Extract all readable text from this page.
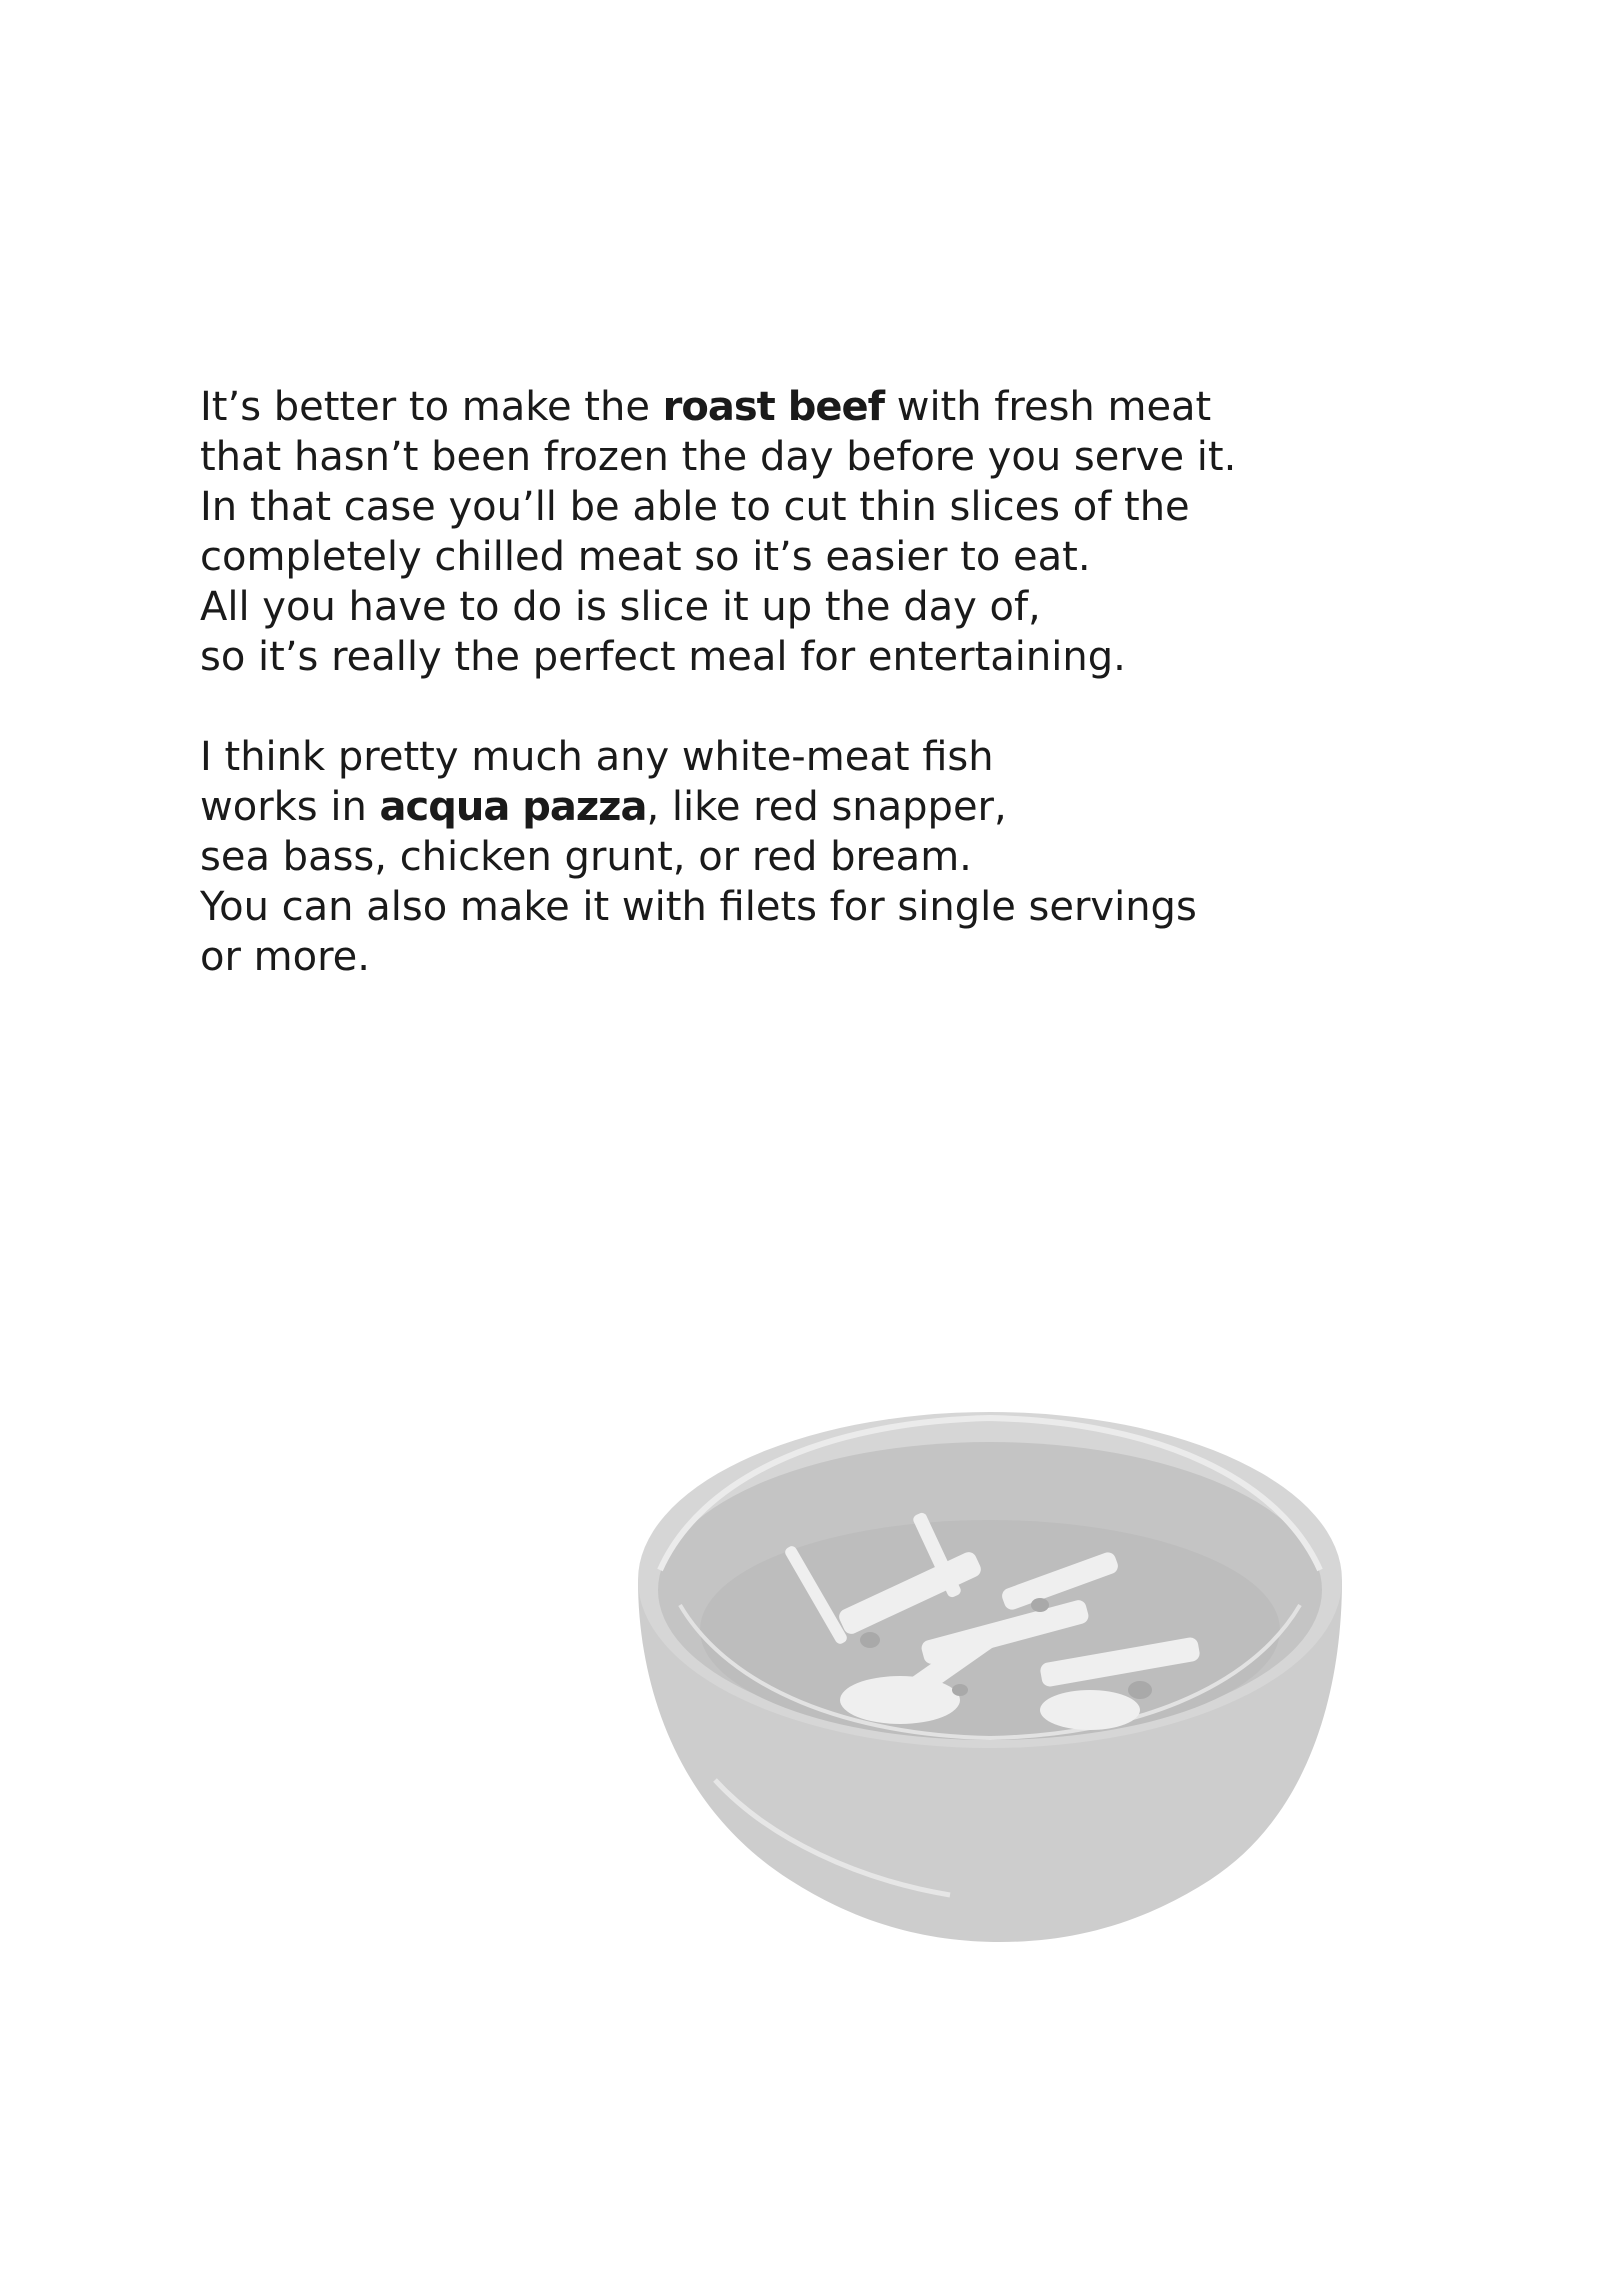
It’s better to make the roast beef with fresh meat
that hasn’t been frozen the day before you serve it.
In that case you’ll be able to cut thin slices of the
completely chilled meat so it’s easier to eat.
All you have to do is slice it up the day of,
so it’s really the perfect meal for entertaining.
I think pretty much any white-meat fish
works in acqua pazza, like red snapper,
sea bass, chicken grunt, or red bream.
You can also make it with filets for single servings
or more.
